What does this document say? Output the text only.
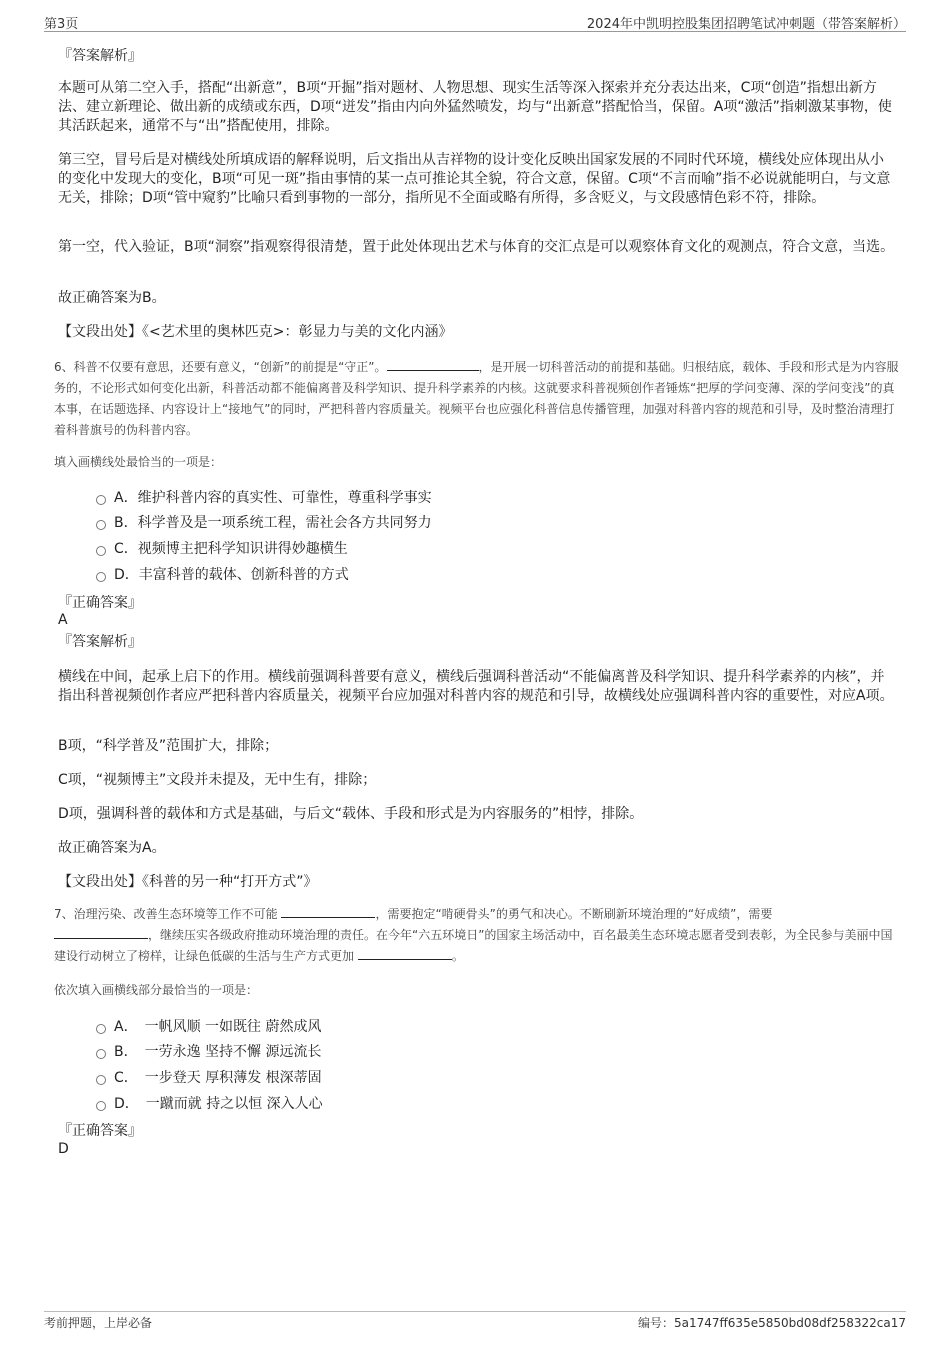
第3页	2024年中凯明控股集团招聘笔试冲刺题（带答案解析）
『答案解析』
本题可从第二空入手，搭配“出新意”，B项“开掘”指对题材、人物思想、现实生活等深入探索并充分表达出来，C项“创造”指想出新方法、建立新理论、做出新的成绩或东西，D项“迸发”指由内向外猛然喷发，均与“出新意”搭配恰当，保留。A项“激活”指刺激某事物，使其活跃起来，通常不与“出”搭配使用，排除。
第三空，冒号后是对横线处所填成语的解释说明，后文指出从吉祥物的设计变化反映出国家发展的不同时代环境，横线处应体现出从小的变化中发现大的变化，B项“可见一斑”指由事情的某一点可推论其全貌，符合文意，保留。C项“不言而喻”指不必说就能明白，与文意无关，排除；D项“管中窥豹”比喻只看到事物的一部分，指所见不全面或略有所得，多含贬义，与文段感情色彩不符，排除。
第一空，代入验证，B项“洞察”指观察得很清楚，置于此处体现出艺术与体育的交汇点是可以观察体育文化的观测点，符合文意，当选。
故正确答案为B。
【文段出处】《<艺术里的奥林匹克>：彰显力与美的文化内涵》
6、科普不仅要有意思，还要有意义，“创新”的前提是“守正”。	，是开展一切科普活动的前提和基础。归根结底，载体、手段和形式是为内容服务的，不论形式如何变化出新，科普活动都不能偏离普及科学知识、提升科学素养的内核。这就要求科普视频创作者锤炼“把厚的学问变薄、深的学问变浅”的真本事，在话题选择、内容设计上“接地气”的同时，严把科普内容质量关。视频平台也应强化科普信息传播管理，加强对科普内容的规范和引导，及时整治清理打着科普旗号的伪科普内容。
填入画横线处最恰当的一项是：
A．维护科普内容的真实性、可靠性，尊重科学事实
B．科学普及是一项系统工程，需社会各方共同努力
C．视频博主把科学知识讲得妙趣横生
D．丰富科普的载体、创新科普的方式
『正确答案』
A
『答案解析』
横线在中间，起承上启下的作用。横线前强调科普要有意义，横线后强调科普活动“不能偏离普及科学知识、提升科学素养的内核”，并指出科普视频创作者应严把科普内容质量关，视频平台应加强对科普内容的规范和引导，故横线处应强调科普内容的重要性，对应A项。
B项，“科学普及”范围扩大，排除；
C项，“视频博主”文段并未提及，无中生有，排除；
D项，强调科普的载体和方式是基础，与后文“载体、手段和形式是为内容服务的”相悖，排除。
故正确答案为A。
【文段出处】《科普的另一种“打开方式”》
7、治理污染、改善生态环境等工作不可能	，需要抱定“啃硬骨头”的勇气和决心。不断刷新环境治理的“好成绩”，需要
，继续压实各级政府推动环境治理的责任。在今年“六五环境日”的国家主场活动中，百名最美生态环境志愿者受到表彰，为全民参与美丽中国建设行动树立了榜样，让绿色低碳的生活与生产方式更加	。
依次填入画横线部分最恰当的一项是：
A．　一帆风顺 一如既往 蔚然成风
B．　一劳永逸 坚持不懈 源远流长
C．　一步登天 厚积薄发 根深蒂固
D．　一蹴而就 持之以恒 深入人心
『正确答案』
D
考前押题，上岸必备	编号：5a1747ff635e5850bd08df258322ca17
